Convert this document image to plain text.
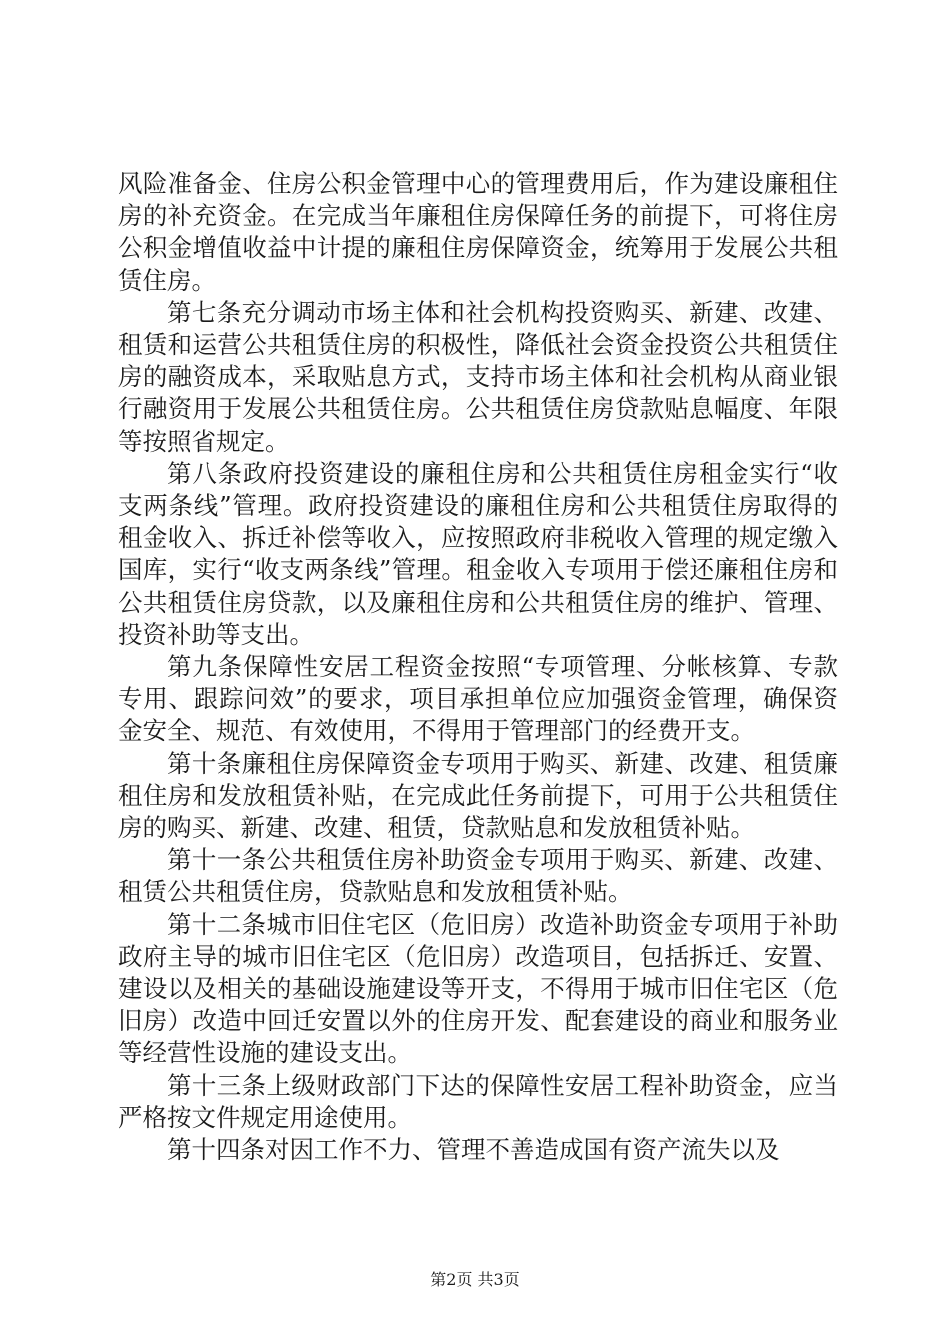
风险准备金、住房公积金管理中心的管理费用后，作为建设廉租住房的补充资金。在完成当年廉租住房保障任务的前提下，可将住房公积金增值收益中计提的廉租住房保障资金，统筹用于发展公共租赁住房。

第七条充分调动市场主体和社会机构投资购买、新建、改建、租赁和运营公共租赁住房的积极性，降低社会资金投资公共租赁住房的融资成本，采取贴息方式，支持市场主体和社会机构从商业银行融资用于发展公共租赁住房。公共租赁住房贷款贴息幅度、年限等按照省规定。

第八条政府投资建设的廉租住房和公共租赁住房租金实行“收支两条线”管理。政府投资建设的廉租住房和公共租赁住房取得的租金收入、拆迁补偿等收入，应按照政府非税收入管理的规定缴入国库，实行“收支两条线”管理。租金收入专项用于偿还廉租住房和公共租赁住房贷款，以及廉租住房和公共租赁住房的维护、管理、投资补助等支出。

第九条保障性安居工程资金按照“专项管理、分帐核算、专款专用、跟踪问效”的要求，项目承担单位应加强资金管理，确保资金安全、规范、有效使用，不得用于管理部门的经费开支。

第十条廉租住房保障资金专项用于购买、新建、改建、租赁廉租住房和发放租赁补贴，在完成此任务前提下，可用于公共租赁住房的购买、新建、改建、租赁，贷款贴息和发放租赁补贴。

第十一条公共租赁住房补助资金专项用于购买、新建、改建、租赁公共租赁住房，贷款贴息和发放租赁补贴。

第十二条城市旧住宅区（危旧房）改造补助资金专项用于补助政府主导的城市旧住宅区（危旧房）改造项目，包括拆迁、安置、建设以及相关的基础设施建设等开支，不得用于城市旧住宅区（危旧房）改造中回迁安置以外的住房开发、配套建设的商业和服务业等经营性设施的建设支出。

第十三条上级财政部门下达的保障性安居工程补助资金，应当严格按文件规定用途使用。

第十四条对因工作不力、管理不善造成国有资产流失以及

第2页 共3页
